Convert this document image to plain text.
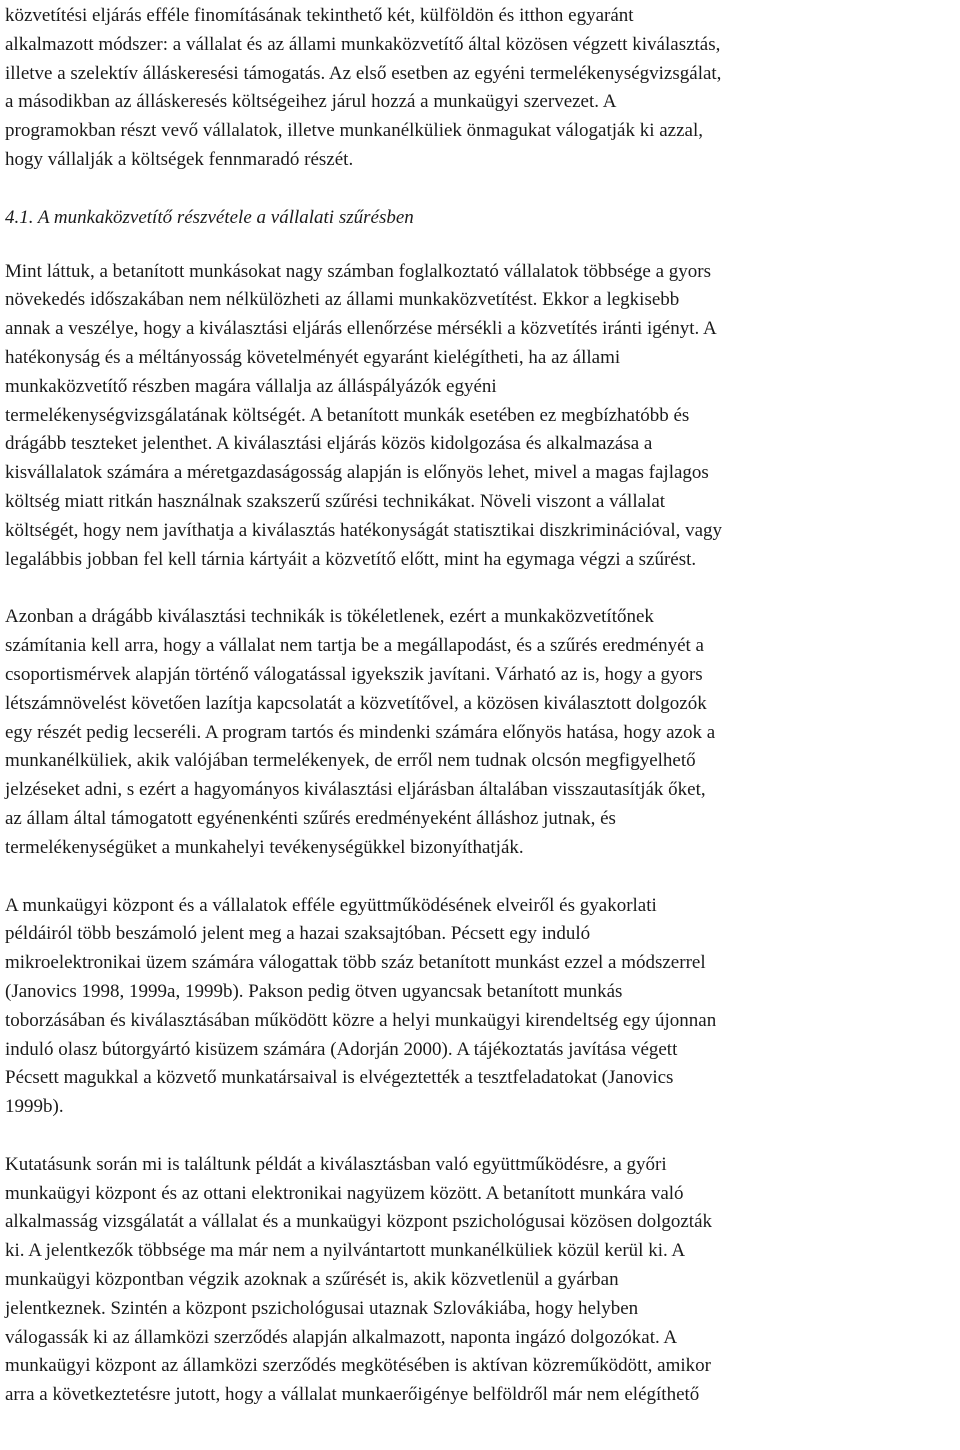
közvetítési eljárás efféle finomításának tekinthető két, külföldön és itthon egyaránt
alkalmazott módszer: a vállalat és az állami munkaközvetítő által közösen végzett kiválasztás,
illetve a szelektív álláskeresési támogatás. Az első esetben az egyéni termelékenységvizsgálat,
a másodikban az álláskeresés költségeihez járul hozzá a munkaügyi szervezet. A
programokban részt vevő vállalatok, illetve munkanélküliek önmagukat válogatják ki azzal,
hogy vállalják a költségek fennmaradó részét.

4.1. A munkaközvetítő részvétele a vállalati szűrésben

Mint láttuk, a betanított munkásokat nagy számban foglalkoztató vállalatok többsége a gyors
növekedés időszakában nem nélkülözheti az állami munkaközvetítést. Ekkor a legkisebb
annak a veszélye, hogy a kiválasztási eljárás ellenőrzése mérsékli a közvetítés iránti igényt. A
hatékonyság és a méltányosság követelményét egyaránt kielégítheti, ha az állami
munkaközvetítő részben magára vállalja az álláspályázók egyéni
termelékenységvizsgálatának költségét. A betanított munkák esetében ez megbízhatóbb és
drágább teszteket jelenthet. A kiválasztási eljárás közös kidolgozása és alkalmazása a
kisvállalatok számára a méretgazdaságosság alapján is előnyös lehet, mivel a magas fajlagos
költség miatt ritkán használnak szakszerű szűrési technikákat. Növeli viszont a vállalat
költségét, hogy nem javíthatja a kiválasztás hatékonyságát statisztikai diszkriminációval, vagy
legalábbis jobban fel kell tárnia kártyáit a közvetítő előtt, mint ha egymaga végzi a szűrést.

Azonban a drágább kiválasztási technikák is tökéletlenek, ezért a munkaközvetítőnek
számítania kell arra, hogy a vállalat nem tartja be a megállapodást, és a szűrés eredményét a
csoportismérvek alapján történő válogatással igyekszik javítani. Várható az is, hogy a gyors
létszámnövelést követően lazítja kapcsolatát a közvetítővel, a közösen kiválasztott dolgozók
egy részét pedig lecseréli. A program tartós és mindenki számára előnyös hatása, hogy azok a
munkanélküliek, akik valójában termelékenyek, de erről nem tudnak olcsón megfigyelhető
jelzéseket adni, s ezért a hagyományos kiválasztási eljárásban általában visszautasítják őket,
az állam által támogatott egyénenkénti szűrés eredményeként álláshoz jutnak, és
termelékenységüket a munkahelyi tevékenységükkel bizonyíthatják.

A munkaügyi központ és a vállalatok efféle együttműködésének elveiről és gyakorlati
példáiról több beszámoló jelent meg a hazai szaksajtóban. Pécsett egy induló
mikroelektronikai üzem számára válogattak több száz betanított munkást ezzel a módszerrel
(Janovics 1998, 1999a, 1999b). Pakson pedig ötven ugyancsak betanított munkás
toborzásában és kiválasztásában működött közre a helyi munkaügyi kirendeltség egy újonnan
induló olasz bútorgyártó kisüzem számára (Adorján 2000). A tájékoztatás javítása végett
Pécsett magukkal a közvető munkatársaival is elvégeztették a tesztfeladatokat (Janovics
1999b).

Kutatásunk során mi is találtunk példát a kiválasztásban való együttműködésre, a győri
munkaügyi központ és az ottani elektronikai nagyüzem között. A betanított munkára való
alkalmasság vizsgálatát a vállalat és a munkaügyi központ pszichológusai közösen dolgozták
ki. A jelentkezők többsége ma már nem a nyilvántartott munkanélküliek közül kerül ki. A
munkaügyi központban végzik azoknak a szűrését is, akik közvetlenül a gyárban
jelentkeznek. Szintén a központ pszichológusai utaznak Szlovákiába, hogy helyben
válogassák ki az államközi szerződés alapján alkalmazott, naponta ingázó dolgozókat. A
munkaügyi központ az államközi szerződés megkötésében is aktívan közreműködött, amikor
arra a következtetésre jutott, hogy a vállalat munkaerőigénye belföldről már nem elégíthető
